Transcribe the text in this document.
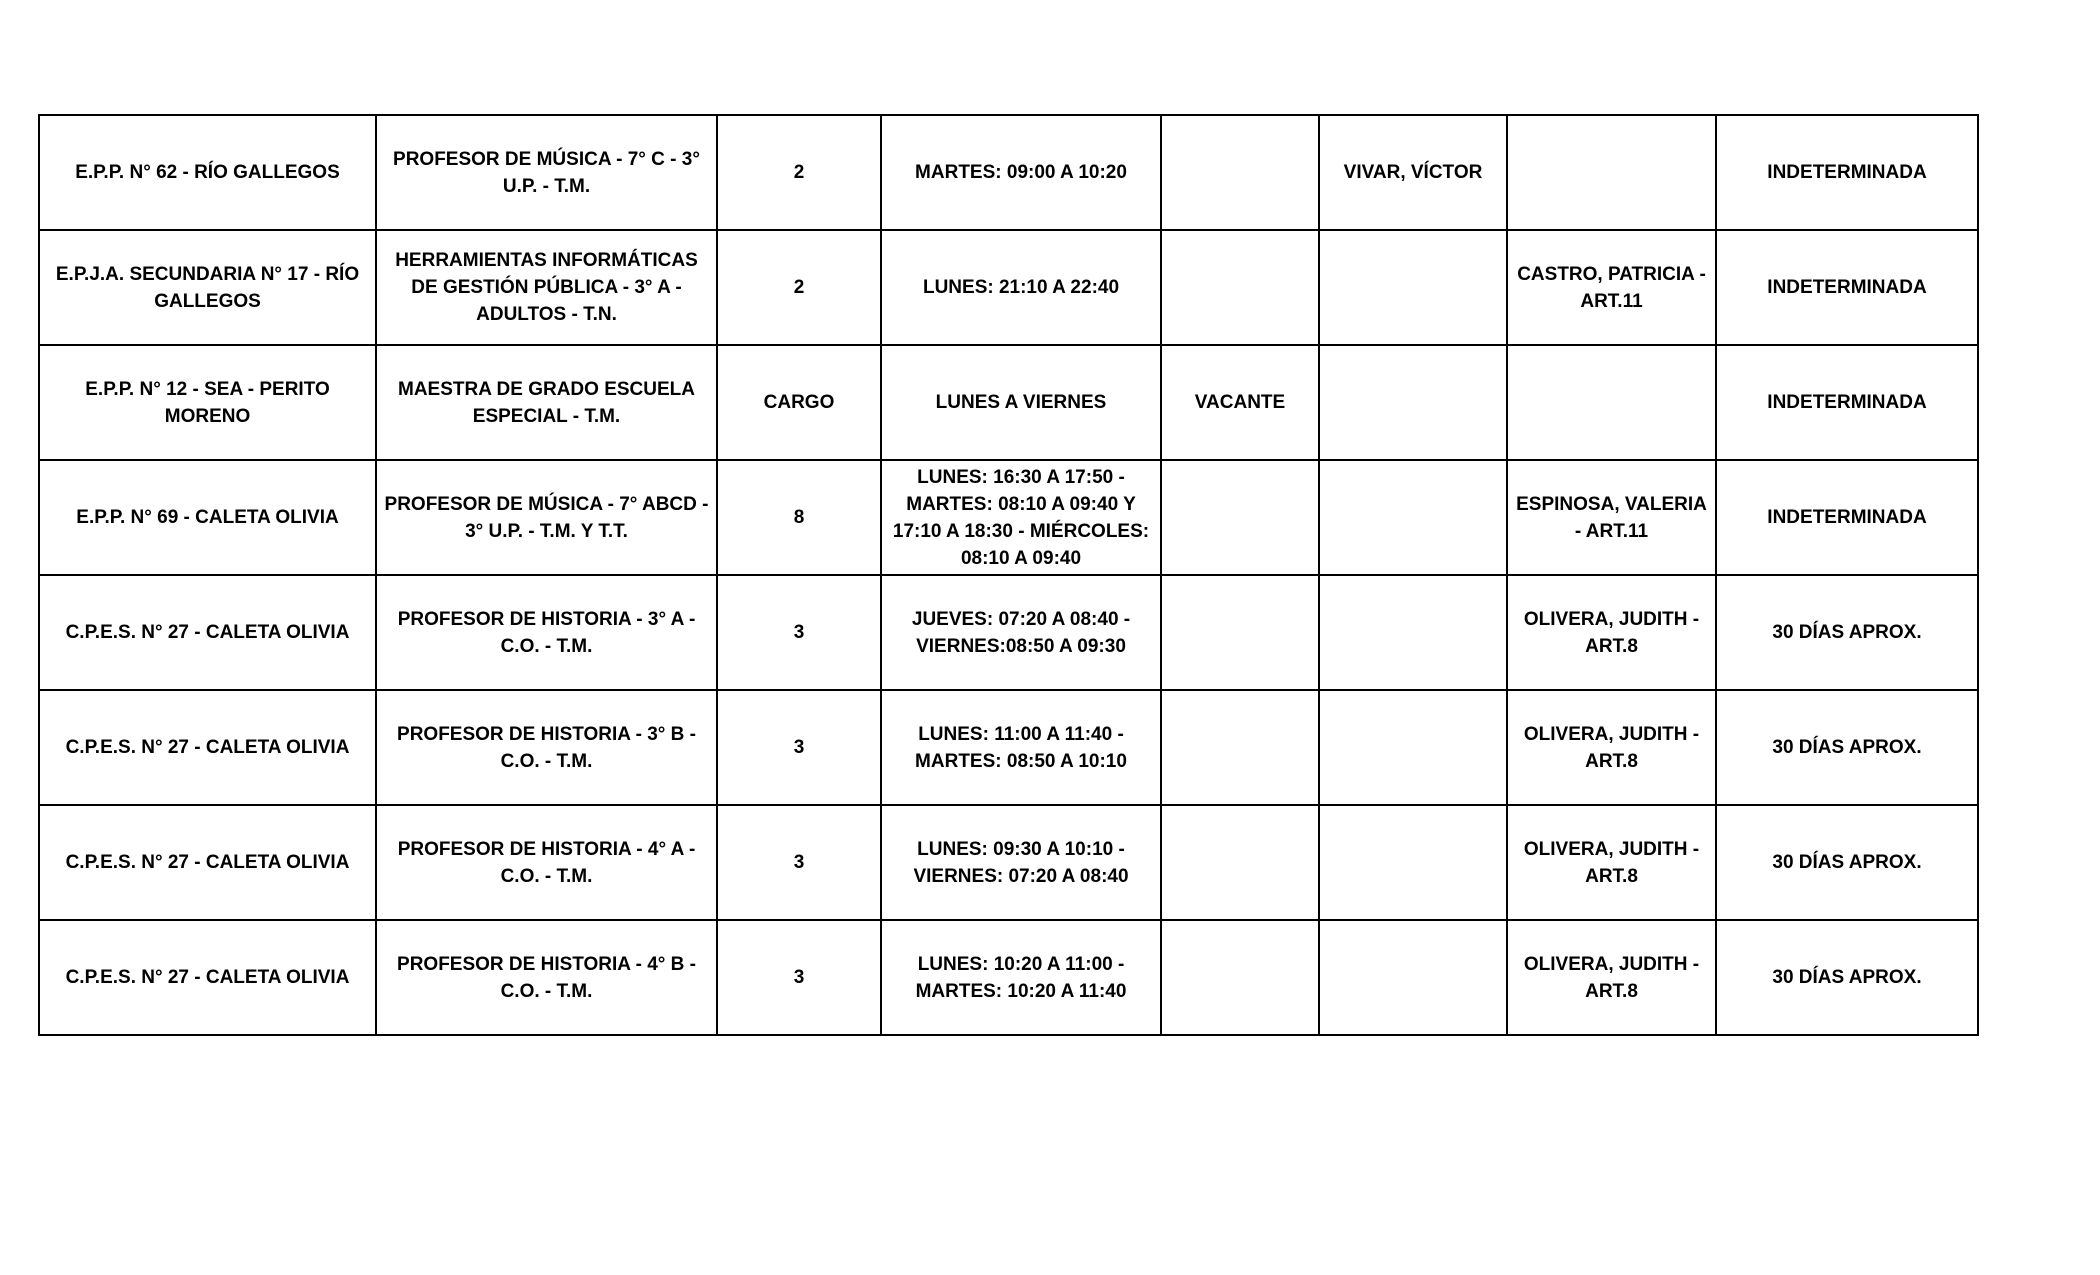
E.P.P. N° 62 - RÍO GALLEGOS	PROFESOR DE MÚSICA - 7° C - 3° U.P. - T.M.	2	MARTES: 09:00 A 10:20		VIVAR, VÍCTOR		INDETERMINADA
E.P.J.A. SECUNDARIA N° 17 - RÍO GALLEGOS	HERRAMIENTAS INFORMÁTICAS DE GESTIÓN PÚBLICA - 3° A - ADULTOS - T.N.	2	LUNES: 21:10 A 22:40			CASTRO, PATRICIA - ART.11	INDETERMINADA
E.P.P. N° 12 - SEA - PERITO MORENO	MAESTRA DE GRADO ESCUELA ESPECIAL - T.M.	CARGO	LUNES A VIERNES	VACANTE			INDETERMINADA
E.P.P. N° 69 - CALETA OLIVIA	PROFESOR DE MÚSICA - 7° ABCD - 3° U.P. - T.M. Y T.T.	8	LUNES: 16:30 A 17:50 - MARTES: 08:10 A 09:40 Y 17:10 A 18:30 - MIÉRCOLES: 08:10 A 09:40			ESPINOSA, VALERIA - ART.11	INDETERMINADA
C.P.E.S. N° 27 - CALETA OLIVIA	PROFESOR DE HISTORIA - 3° A - C.O. - T.M.	3	JUEVES: 07:20 A 08:40 - VIERNES:08:50 A 09:30			OLIVERA, JUDITH - ART.8	30 DÍAS APROX.
C.P.E.S. N° 27 - CALETA OLIVIA	PROFESOR DE HISTORIA - 3° B - C.O. - T.M.	3	LUNES: 11:00 A 11:40 - MARTES: 08:50 A 10:10			OLIVERA, JUDITH - ART.8	30 DÍAS APROX.
C.P.E.S. N° 27 - CALETA OLIVIA	PROFESOR DE HISTORIA - 4° A - C.O. - T.M.	3	LUNES: 09:30 A 10:10 - VIERNES: 07:20 A 08:40			OLIVERA, JUDITH - ART.8	30 DÍAS APROX.
C.P.E.S. N° 27 - CALETA OLIVIA	PROFESOR DE HISTORIA - 4° B - C.O. - T.M.	3	LUNES: 10:20 A 11:00 - MARTES: 10:20 A 11:40			OLIVERA, JUDITH - ART.8	30 DÍAS APROX.
